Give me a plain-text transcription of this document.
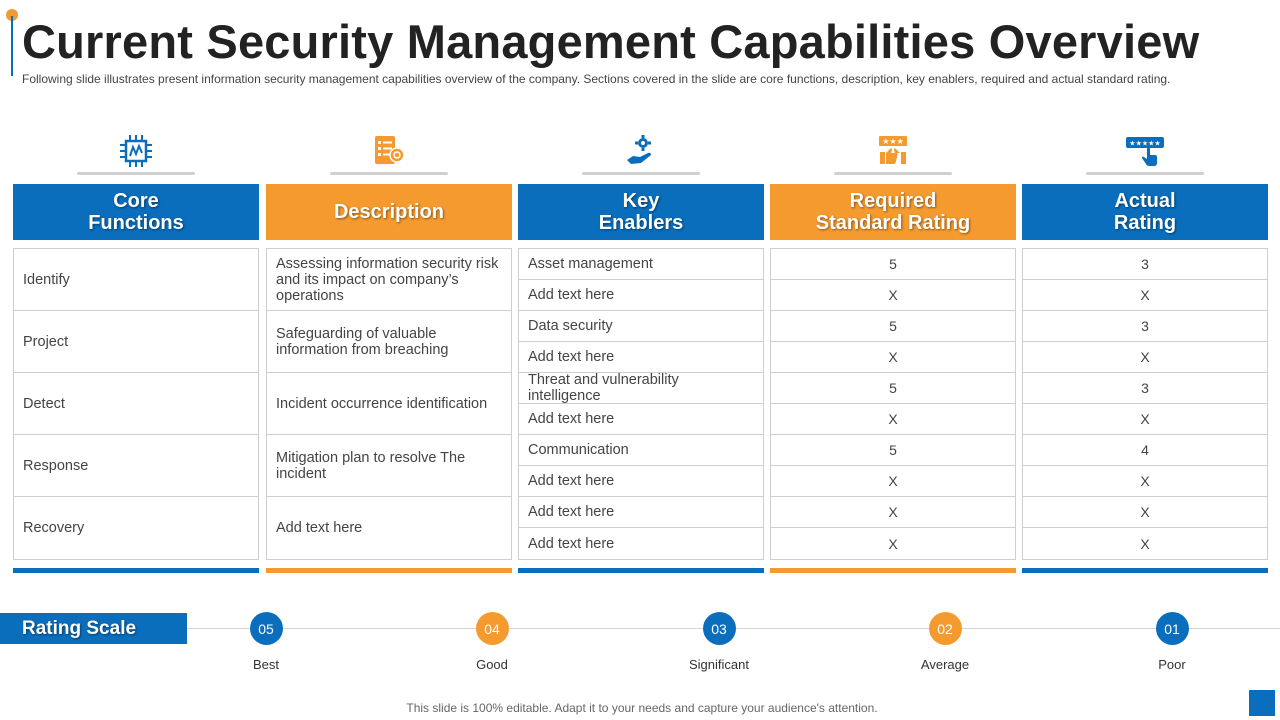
Current Security Management Capabilities Overview

Following slide illustrates present information security management capabilities overview of the company. Sections covered in the slide are core functions, description, key enablers, required and actual standard rating.

Core
Functions
Identify
Project
Detect
Response
Recovery
Description
Assessing information security risk and its impact on company’s operations
Safeguarding of valuable information from breaching
Incident occurrence identification
Mitigation plan to resolve The incident
Add text here
Key
Enablers
Asset management
Add text here
Data security
Add text here
Threat and vulnerability intelligence
Add text here
Communication
Add text here
Add text here
Add text here
★★★
Required
Standard Rating
5
X
5
X
5
X
5
X
X
X
★★★★★
Actual
Rating
3
X
3
X
3
X
4
X
X
X
Rating Scale	05
Best
04
Good
03
Significant
02
Average
01
Poor
This slide is 100% editable. Adapt it to your needs and capture your audience's attention.
